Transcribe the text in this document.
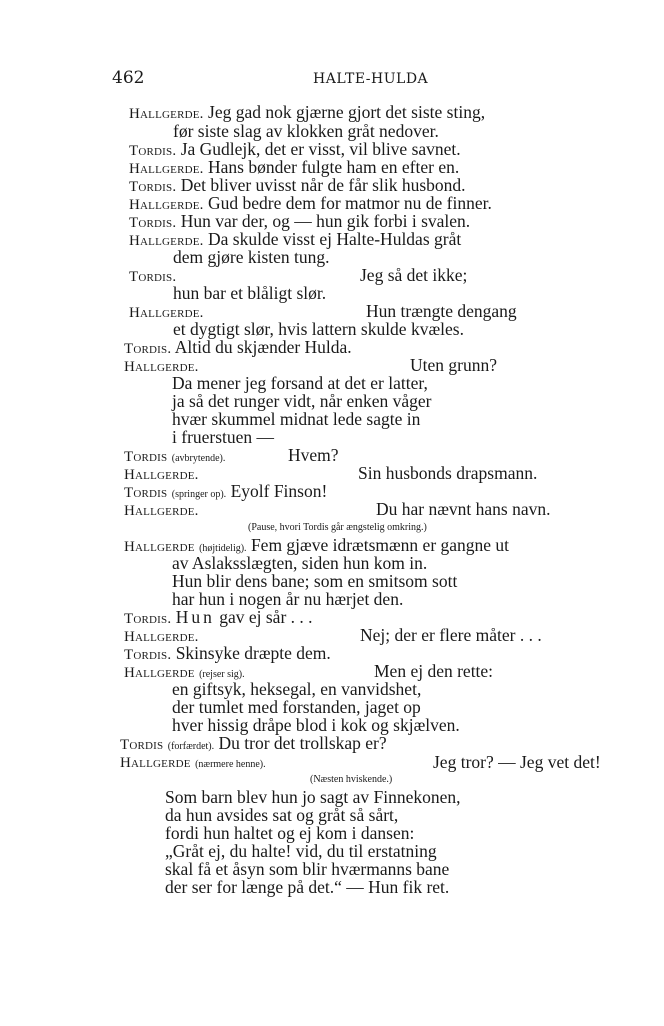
462	HALTE-HULDA
Hallgerde. Jeg gad nok gjærne gjort det siste sting,
før siste slag av klokken gråt nedover.
Tordis. Ja Gudlejk, det er visst, vil blive savnet.
Hallgerde. Hans bønder fulgte ham en efter en.
Tordis. Det bliver uvisst når de får slik husbond.
Hallgerde. Gud bedre dem for matmor nu de finner.
Tordis. Hun var der, og — hun gik forbi i svalen.
Hallgerde. Da skulde visst ej Halte-Huldas gråt
dem gjøre kisten tung.
Tordis.	Jeg så det ikke;
hun bar et blåligt slør.
Hallgerde.	Hun trængte dengang
et dygtigt slør, hvis lattern skulde kvæles.
Tordis. Altid du skjænder Hulda.
Hallgerde.	Uten grunn?
Da mener jeg forsand at det er latter,
ja så det runger vidt, når enken våger
hvær skummel midnat lede sagte in
i fruerstuen —
Tordis (avbrytende).	Hvem?
Hallgerde.	Sin husbonds drapsmann.
Tordis (springer op). Eyolf Finson!
Hallgerde.	Du har nævnt hans navn.
(Pause, hvori Tordis går ængstelig omkring.)
Hallgerde (højtidelig). Fem gjæve idrætsmænn er gangne ut
av Aslaksslægten, siden hun kom in.
Hun blir dens bane; som en smitsom sott
har hun i nogen år nu hærjet den.
Tordis. Hun gav ej sår . . .
Hallgerde.	Nej; der er flere måter . . .
Tordis. Skinsyke dræpte dem.
Hallgerde (rejser sig).	Men ej den rette:
en giftsyk, heksegal, en vanvidshet,
der tumlet med forstanden, jaget op
hver hissig dråpe blod i kok og skjælven.
Tordis (forfærdet). Du tror det trollskap er?
Hallgerde (nærmere henne).	Jeg tror? — Jeg vet det!
(Næsten hviskende.)
Som barn blev hun jo sagt av Finnekonen,
da hun avsides sat og gråt så sårt,
fordi hun haltet og ej kom i dansen:
„Gråt ej, du halte! vid, du til erstatning
skal få et åsyn som blir hværmanns bane
der ser for længe på det.“ — Hun fik ret.
